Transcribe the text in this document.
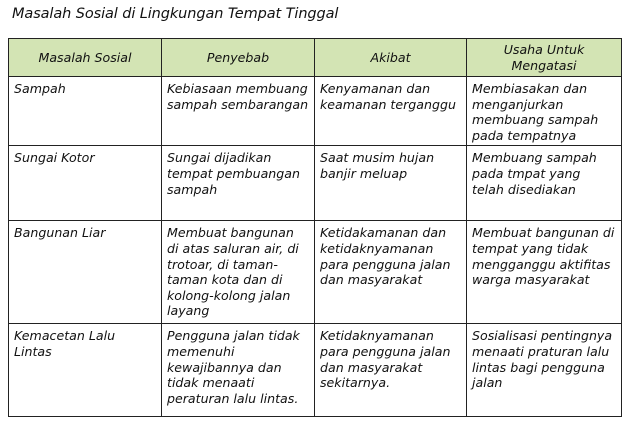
Masalah Sosial di Lingkungan Tempat Tinggal
Masalah Sosial	Penyebab	Akibat	Usaha Untuk Mengatasi
Sampah	Kebiasaan membuang sampah sembarangan	Kenyamanan dan keamanan terganggu	Membiasakan dan menganjurkan membuang sampah pada tempatnya
Sungai Kotor	Sungai dijadikan tempat pembuangan sampah	Saat musim hujan banjir meluap	Membuang sampah pada tmpat yang telah disediakan
Bangunan Liar	Membuat bangunan di atas saluran air, di trotoar, di taman-taman kota dan di kolong-kolong jalan layang	Ketidakamanan dan ketidaknyamanan para pengguna jalan dan masyarakat	Membuat bangunan di tempat yang tidak mengganggu aktifitas warga masyarakat
Kemacetan Lalu Lintas	Pengguna jalan tidak memenuhi kewajibannya dan tidak menaati peraturan lalu lintas.	Ketidaknyamanan para pengguna jalan dan masyarakat sekitarnya.	Sosialisasi pentingnya menaati praturan lalu lintas bagi pengguna jalan
